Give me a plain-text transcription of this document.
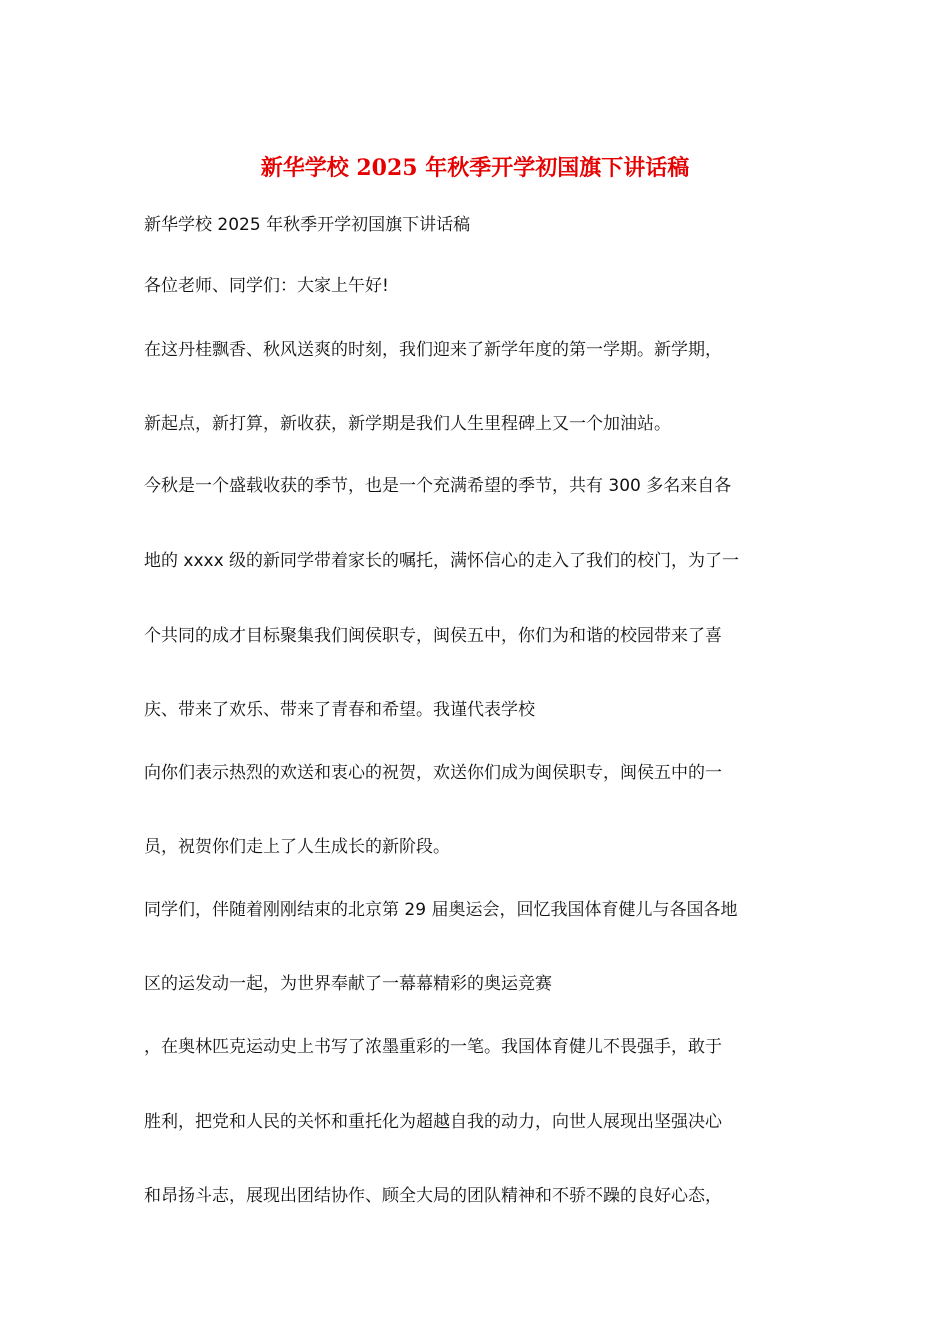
新华学校 2025 年秋季开学初国旗下讲话稿
新华学校 2025 年秋季开学初国旗下讲话稿
各位老师、同学们：大家上午好!
在这丹桂飘香、秋风送爽的时刻，我们迎来了新学年度的第一学期。新学期，
新起点，新打算，新收获，新学期是我们人生里程碑上又一个加油站。
今秋是一个盛载收获的季节，也是一个充满希望的季节，共有 300 多名来自各
地的 xxxx 级的新同学带着家长的嘱托，满怀信心的走入了我们的校门，为了一
个共同的成才目标聚集我们闽侯职专，闽侯五中，你们为和谐的校园带来了喜
庆、带来了欢乐、带来了青春和希望。我谨代表学校
向你们表示热烈的欢送和衷心的祝贺，欢送你们成为闽侯职专，闽侯五中的一
员，祝贺你们走上了人生成长的新阶段。
同学们，伴随着刚刚结束的北京第 29 届奥运会，回忆我国体育健儿与各国各地
区的运发动一起，为世界奉献了一幕幕精彩的奥运竞赛
，在奥林匹克运动史上书写了浓墨重彩的一笔。我国体育健儿不畏强手，敢于
胜利，把党和人民的关怀和重托化为超越自我的动力，向世人展现出坚强决心
和昂扬斗志，展现出团结协作、顾全大局的团队精神和不骄不躁的良好心态，
